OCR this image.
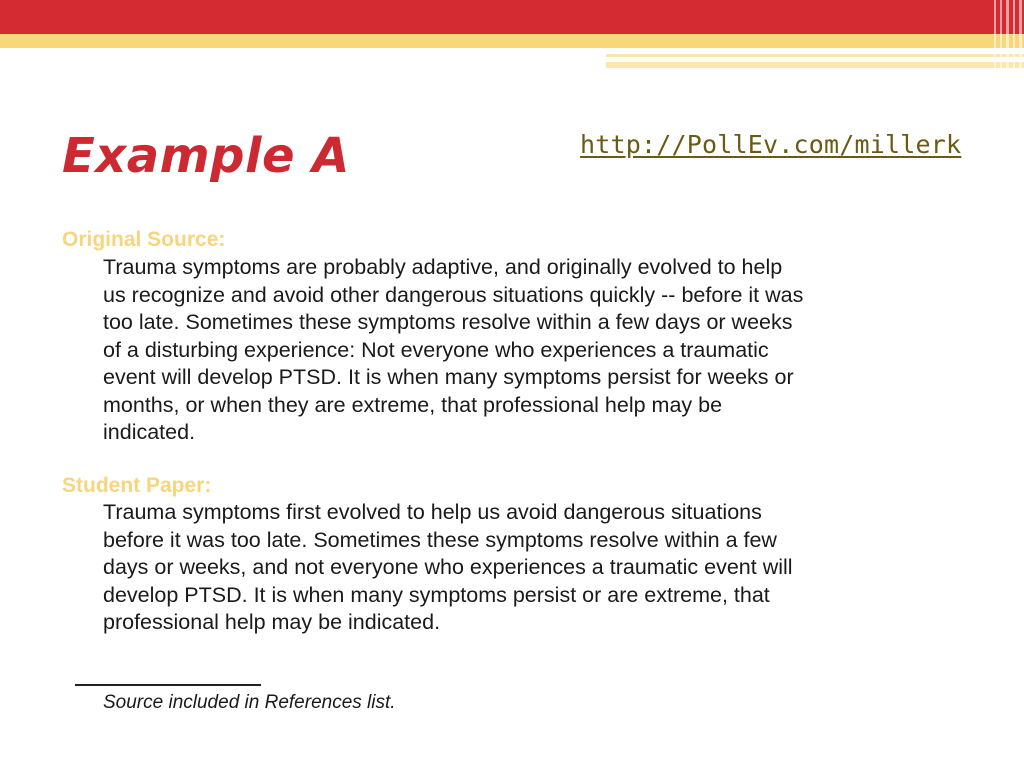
Example A	http://PollEv.com/millerk
Original Source:
Trauma symptoms are probably adaptive, and originally evolved to help
us recognize and avoid other dangerous situations quickly -- before it was
too late. Sometimes these symptoms resolve within a few days or weeks
of a disturbing experience: Not everyone who experiences a traumatic
event will develop PTSD. It is when many symptoms persist for weeks or
months, or when they are extreme, that professional help may be
indicated.
Student Paper:
Trauma symptoms first evolved to help us avoid dangerous situations
before it was too late. Sometimes these symptoms resolve within a few
days or weeks, and not everyone who experiences a traumatic event will
develop PTSD. It is when many symptoms persist or are extreme, that
professional help may be indicated.
Source included in References list.
